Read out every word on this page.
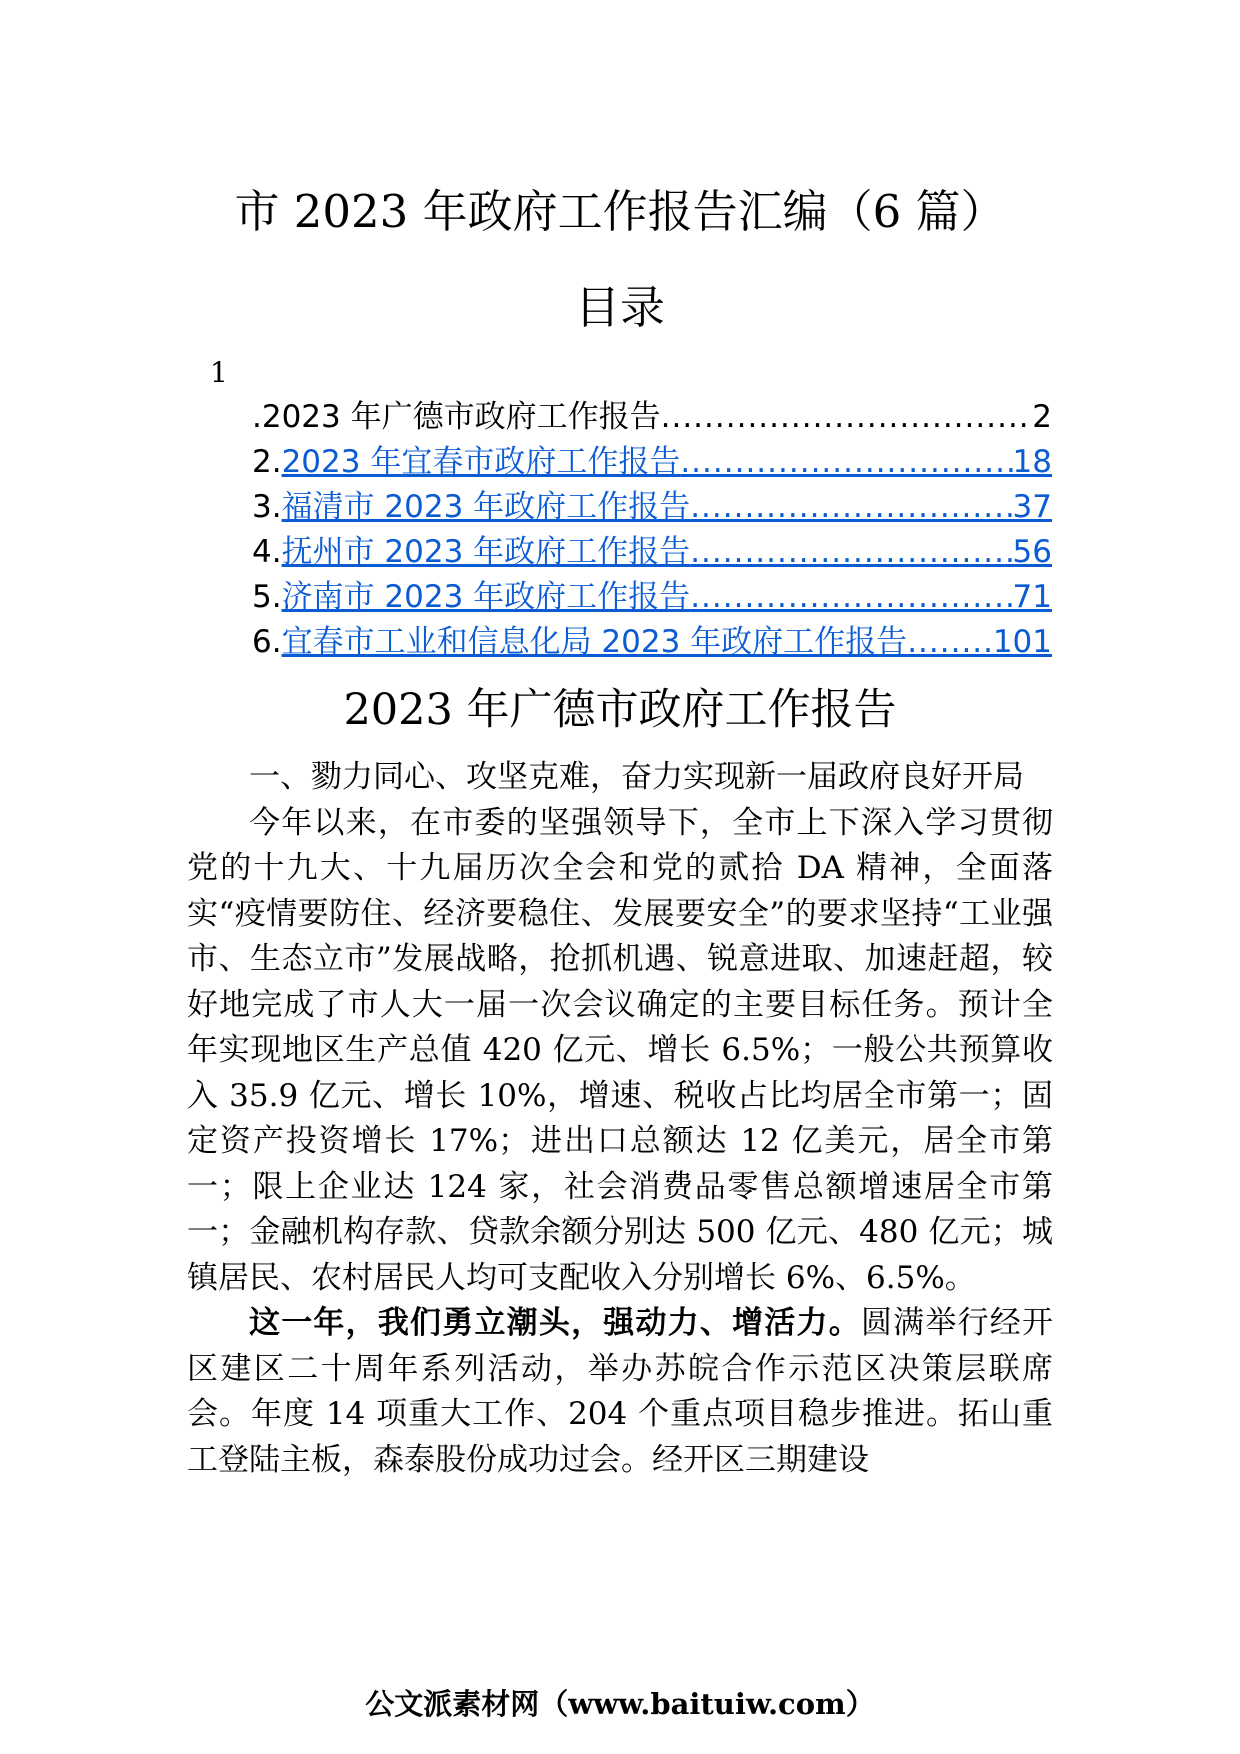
市 2023 年政府工作报告汇编（6 篇）
目录
1
. 2023 年广德市政府工作报告 .....	2
2. 2023 年宜春市政府工作报告 .....	18
3. 福清市 2023 年政府工作报告 .....	37
4. 抚州市 2023 年政府工作报告 .....	56
5. 济南市 2023 年政府工作报告 .....	71
6. 宜春市工业和信息化局 2023 年政府工作报告 .....	101
2023 年广德市政府工作报告

一、勠力同心、攻坚克难，奋力实现新一届政府良好开局

今年以来，在市委的坚强领导下，全市上下深入学习贯彻党的十九大、十九届历次全会和党的贰拾 DA 精神，全面落实“疫情要防住、经济要稳住、发展要安全”的要求坚持“工业强市、生态立市”发展战略，抢抓机遇、锐意进取、加速赶超，较好地完成了市人大一届一次会议确定的主要目标任务。预计全年实现地区生产总值 420 亿元、增长 6.5%；一般公共预算收入 35.9 亿元、增长 10%，增速、税收占比均居全市第一；固定资产投资增长 17%；进出口总额达 12 亿美元，居全市第一；限上企业达 124 家，社会消费品零售总额增速居全市第一；金融机构存款、贷款余额分别达 500 亿元、480 亿元；城镇居民、农村居民人均可支配收入分别增长 6%、6.5%。

这一年，我们勇立潮头，强动力、增活力。圆满举行经开区建区二十周年系列活动，举办苏皖合作示范区决策层联席会。年度 14 项重大工作、204 个重点项目稳步推进。拓山重工登陆主板，森泰股份成功过会。经开区三期建设

公文派素材网（www.baituiw.com）
